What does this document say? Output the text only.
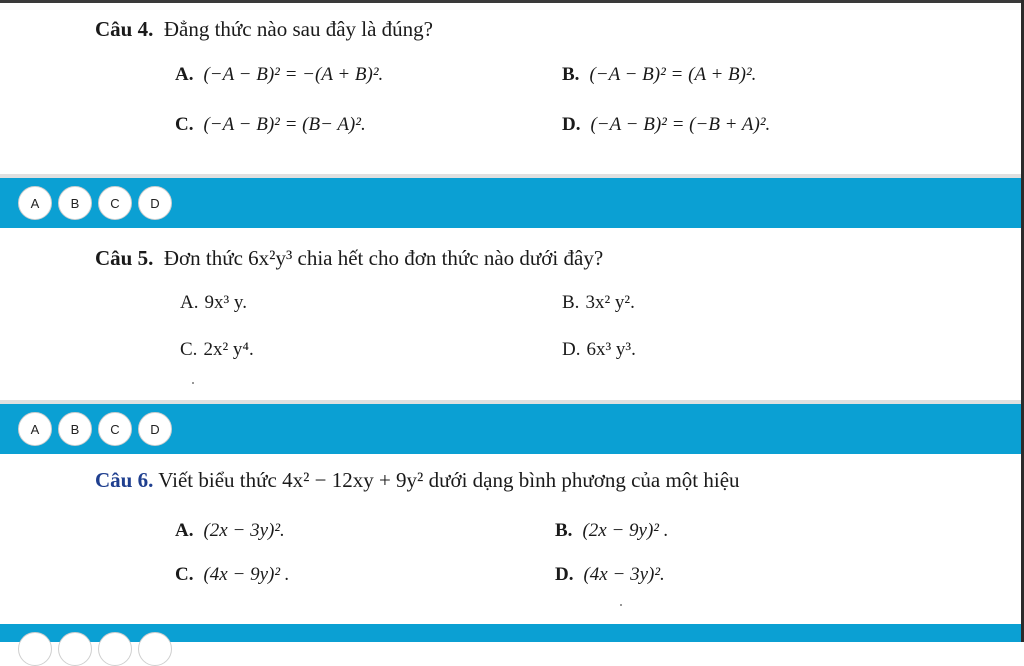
Câu 4. Đẳng thức nào sau đây là đúng?
A. (−A − B)² = −(A + B)².	B. (−A − B)² = (A + B)².
C. (−A − B)² = (B− A)².	D. (−A − B)² = (−B + A)².
A	B	C	D
Câu 5. Đơn thức 6x²y³ chia hết cho đơn thức nào dưới đây?
A. 9x³ y.	B. 3x² y².
C. 2x² y⁴.	D. 6x³ y³.
A	B	C	D
Câu 6. Viết biểu thức 4x² − 12xy + 9y² dưới dạng bình phương của một hiệu
A. (2x − 3y)².	B. (2x − 9y)² .
C. (4x − 9y)² .	D. (4x − 3y)².
